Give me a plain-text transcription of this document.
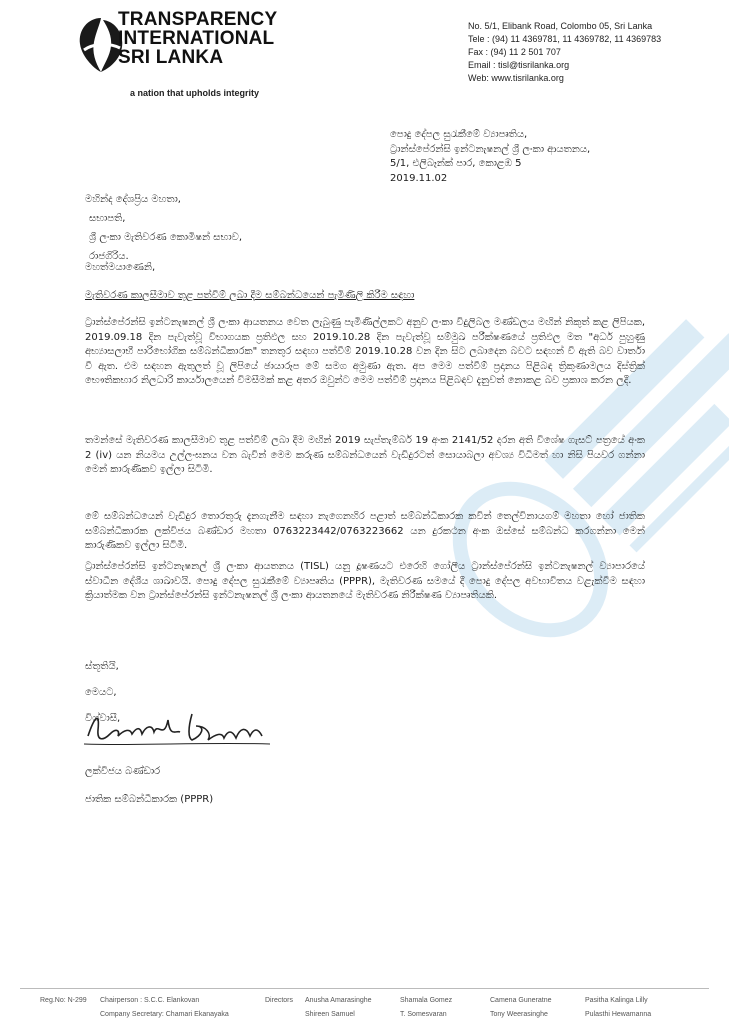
TRANSPARENCY
INTERNATIONAL
SRI LANKA
a nation that upholds integrity
No. 5/1, Elibank Road, Colombo 05, Sri Lanka
Tele : (94) 11 4369781, 11 4369782, 11 4369783
Fax : (94) 11 2 501 707
Email : tisl@tisrilanka.org
Web: www.tisrilanka.org
පොදු දේපල සුරැකීමේ ව්‍යාපෘතිය,
ට්‍රාන්ස්පේරන්සි ඉන්ටනැෂනල් ශ්‍රී ලංකා ආයතනය,
5/1, එලිබෑන්ක් පාර, කොළඹ 5
2019.11.02
මහින්ද දේශප්‍රිය මහතා,
සභාපති,
ශ්‍රී ලංකා මැතිවරණ කොමිෂන් සභාව,
රාජගිරිය.
මහත්මයාණෙනි,
මැතිවරණ කාලසීමාව තුළ පත්වීම් ලබා දීම සම්බන්ධයෙන් පැමිණිලි කිරීම සඳහා
ට්‍රාන්ස්පේරන්සි ඉන්ටනැෂනල් ශ්‍රී ලංකා ආයතනය වෙත ලැබුණු පැමිණිල්ලකට අනුව ලංකා විදුලිබල මණ්ඩලය මඟින් නිකුත් කළ ලිපියක, 2019.09.18 දින පැවැත්වූ විභාගයක ප්‍රතිඵල සහ 2019.10.28 දින පැවැත්වූ සම්මුඛ පරීක්ෂණයේ ප්‍රතිඵල මත "අර්ධ පුහුණු අභ්‍යාසලාභී පාරිභෝගික සම්බන්ධීකාරක" තනතුර සඳහා පත්වීම් 2019.10.28 වන දින සිට ලබාදෙන බවට සඳහන් වී ඇති බව වාර්තා වී ඇත. එම සඳහන ඇතුලත් වූ ලිපියේ ඡායාරූප මේ සමග අමුණා ඇත. අප මෙම පත්වීම් ප්‍රදානය පිළිබඳ ත්‍රිකුණාමලය දිස්ත්‍රික් භෞතිකභාර නිලධාරි කාර්යාලයෙන් විමසීමක් කළ අතර ඔවුන්ට මෙම පත්වීම් ප්‍රදානය පිළිබඳව දැනුවත් නොකළ බව ප්‍රකාශ කරන ලදී.
තමන්සේ මැතිවරණ කාලසීමාව තුළ පත්වීම් ලබා දීම මඟින් 2019 සැප්තැම්බර් 19 අංක 2141/52 දරන අති විශේෂ ගැසට් පත්‍රයේ අංක 2 (iv) යන නියමය උල්ලංඝනය වන බැවින් මෙම කරුණ සම්බන්ධයෙන් වැඩිදුරටත් සොයාබලා අවශ්‍ය විධිමත් හා නිසි පියවර ගන්නා මෙන් කාරුණිකව ඉල්ලා සිටිමි.
මේ සම්බන්ධයෙන් වැඩිදුර තොරතුරු දැනගැනීම සඳහා නැගෙනහිර පළාත් සම්බන්ධීකාරක කවින් තෙල්විනායගම් මහතා හෝ ජාතික සම්බන්ධීකාරක ලක්විජය බණ්ඩාර මහතා 0763223442/0763223662 යන දුරකථන අංක ඔස්සේ සම්බන්ධ කරගන්නා මෙන් කාරුණිකව ඉල්ලා සිටිමි.
ට්‍රාන්ස්පේරන්සි ඉන්ටනැෂනල් ශ්‍රී ලංකා ආයතනය (TISL) යනු දූෂණයට එරෙහි ගෝලීය ට්‍රාන්ස්පේරන්සි ඉන්ටනැෂනල් ව්‍යාපාරයේ ස්වාධීන දේශීය ශාඛාවයි. පොදු දේපල සුරැකීමේ ව්‍යාපෘතිය (PPPR), මැතිවරණ සමයේ දී පොදු දේපල අවභාවිතය වළැක්වීම සඳහා ක්‍රියාත්මක වන ට්‍රාන්ස්පේරන්සි ඉන්ටනැෂනල් ශ්‍රී ලංකා ආයතනයේ මැතිවරණ නිරීක්ෂණ ව්‍යාපෘතියකි.
ස්තූතියි,
මෙයට,
විශ්වාසී,
ලක්විජය බණ්ඩාර
ජාතික සම්බන්ධීකාරක (PPPR)
Reg.No: N-299 Chairperson : S.C.C. Elankovan
Company Secretary: Chamari Ekanayaka
Directors Anusha Amarasinghe
Shireen Samuel
Shamala Gomez
T. Somesvaran
Camena Guneratne
Tony Weerasinghe
Pasitha Kalinga Lilly
Pulasthi Hewamanna
